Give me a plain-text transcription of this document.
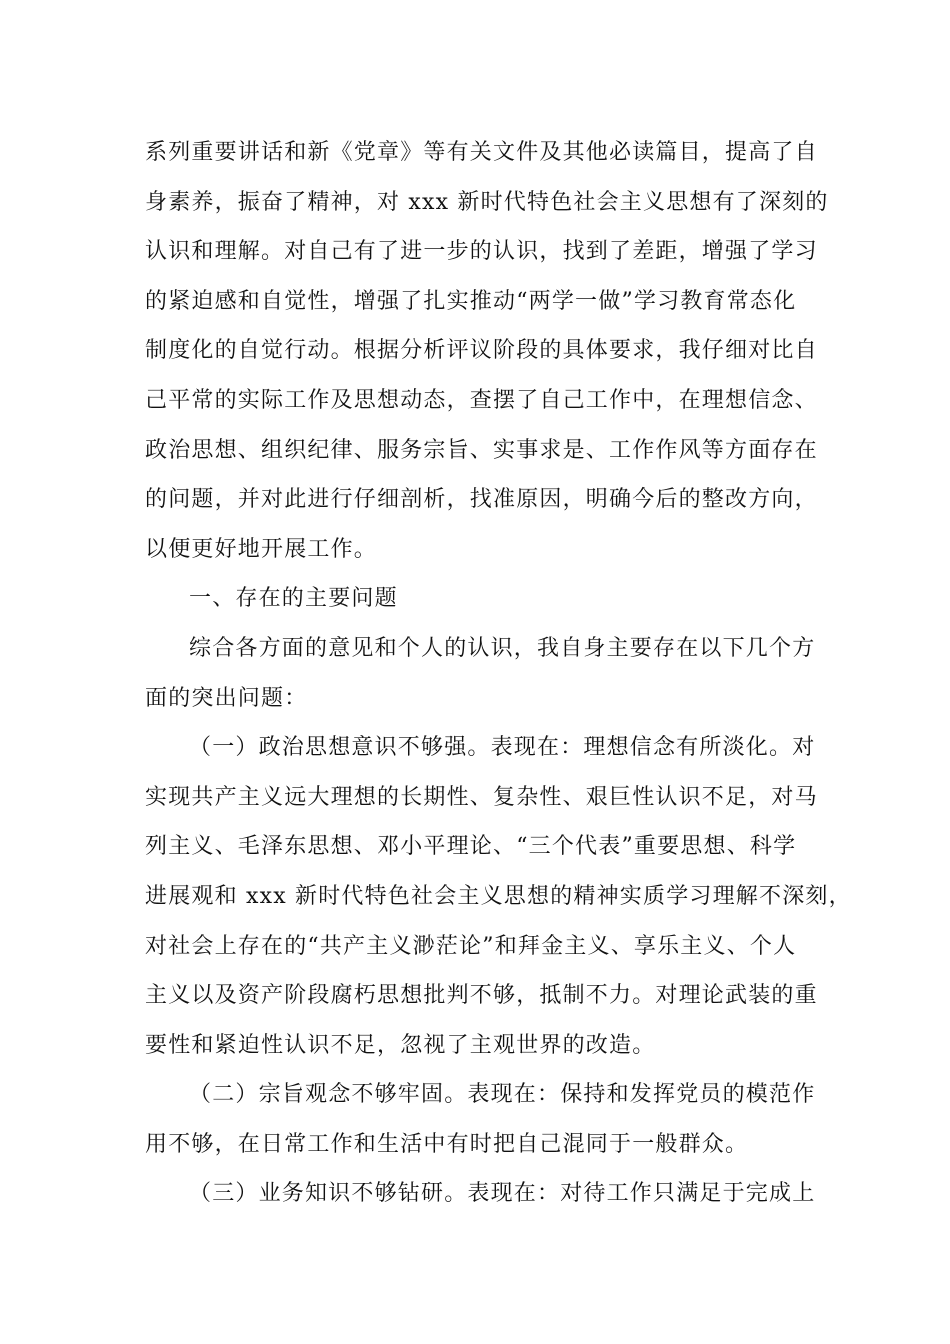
系列重要讲话和新《党章》等有关文件及其他必读篇目，提高了自
身素养，振奋了精神，对 xxx 新时代特色社会主义思想有了深刻的
认识和理解。对自己有了进一步的认识，找到了差距，增强了学习
的紧迫感和自觉性，增强了扎实推动“两学一做”学习教育常态化
制度化的自觉行动。根据分析评议阶段的具体要求，我仔细对比自
己平常的实际工作及思想动态，查摆了自己工作中，在理想信念、
政治思想、组织纪律、服务宗旨、实事求是、工作作风等方面存在
的问题，并对此进行仔细剖析，找准原因，明确今后的整改方向，
以便更好地开展工作。
一、存在的主要问题
综合各方面的意见和个人的认识，我自身主要存在以下几个方
面的突出问题：
（一）政治思想意识不够强。表现在：理想信念有所淡化。对
实现共产主义远大理想的长期性、复杂性、艰巨性认识不足，对马
列主义、毛泽东思想、邓小平理论、“三个代表”重要思想、科学
进展观和 xxx 新时代特色社会主义思想的精神实质学习理解不深刻，
对社会上存在的“共产主义渺茫论”和拜金主义、享乐主义、个人
主义以及资产阶段腐朽思想批判不够，抵制不力。对理论武装的重
要性和紧迫性认识不足，忽视了主观世界的改造。
（二）宗旨观念不够牢固。表现在：保持和发挥党员的模范作
用不够，在日常工作和生活中有时把自己混同于一般群众。
（三）业务知识不够钻研。表现在：对待工作只满足于完成上
